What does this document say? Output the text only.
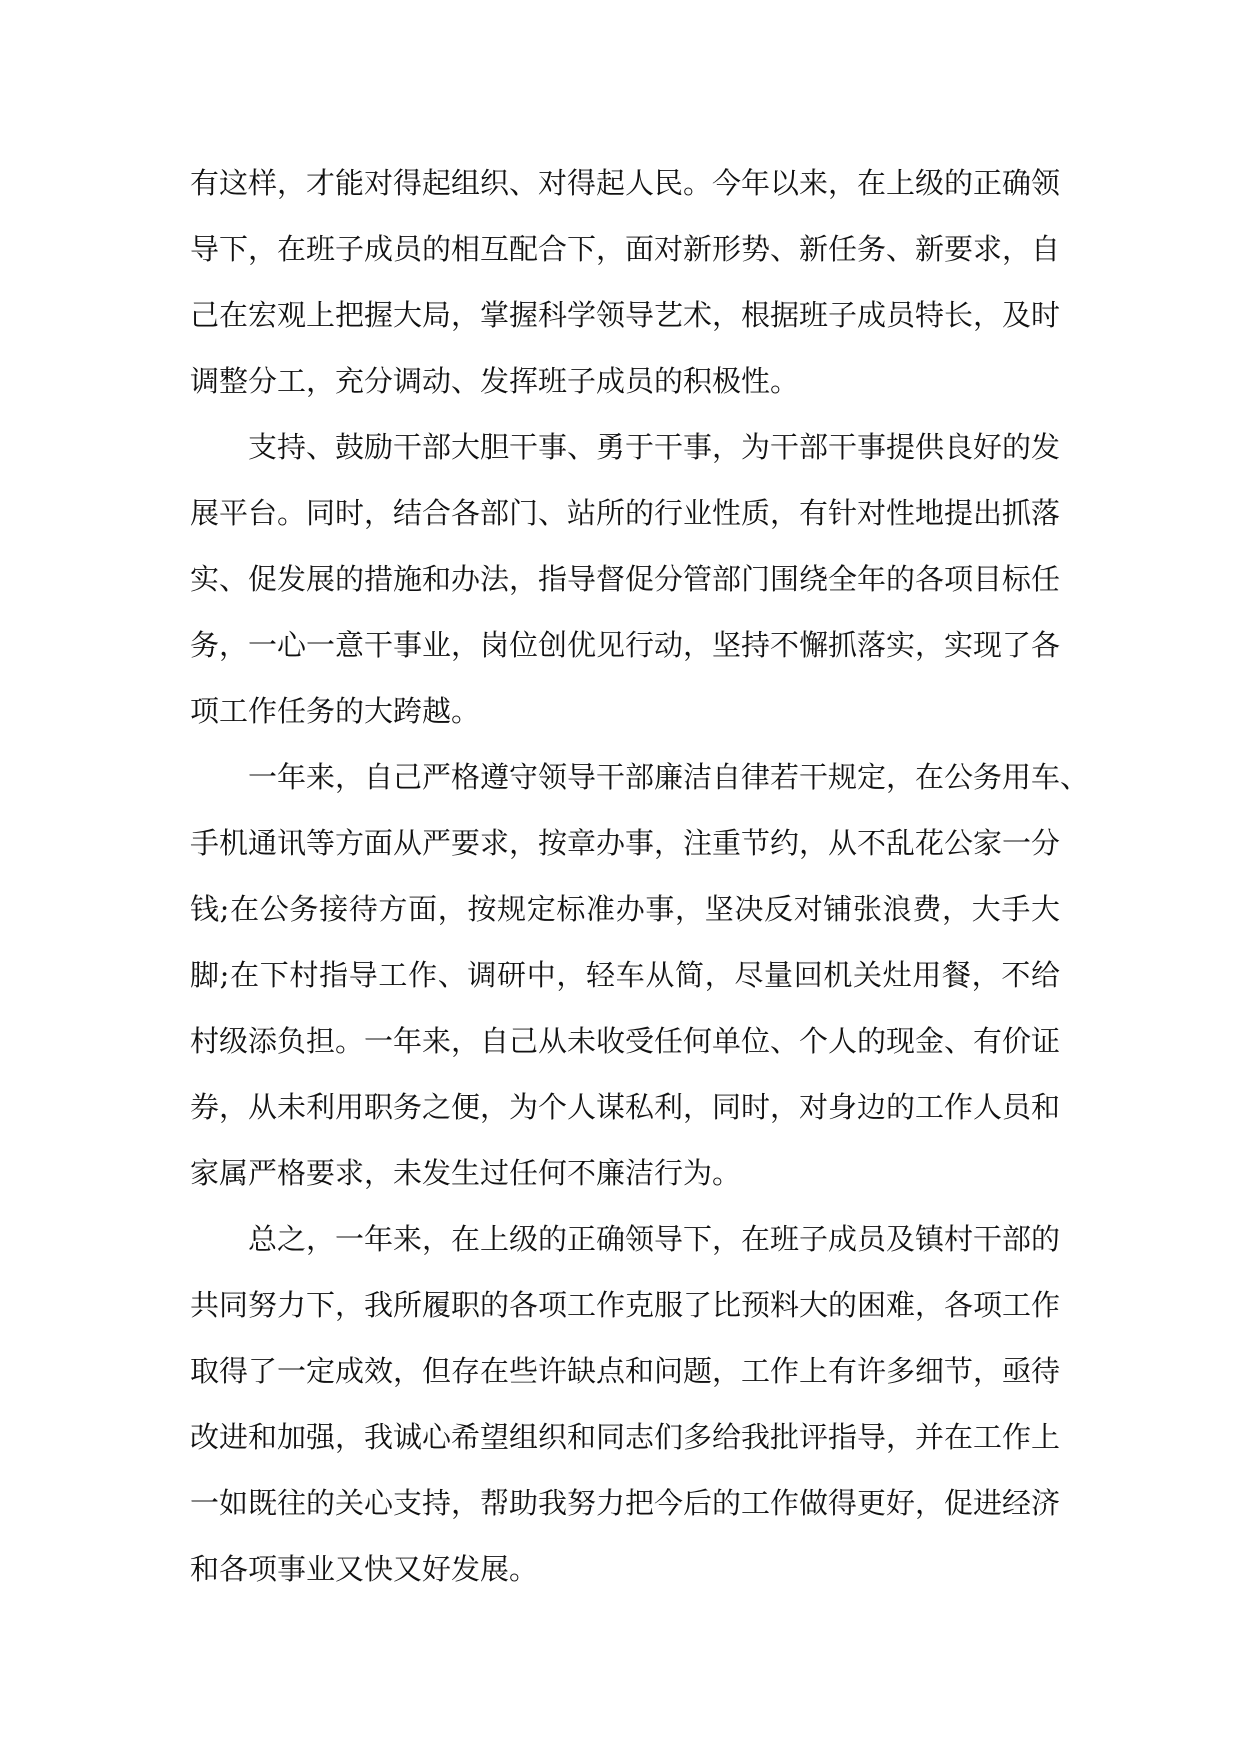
有这样，才能对得起组织、对得起人民。今年以来，在上级的正确领
导下，在班子成员的相互配合下，面对新形势、新任务、新要求，自
己在宏观上把握大局，掌握科学领导艺术，根据班子成员特长，及时
调整分工，充分调动、发挥班子成员的积极性。
支持、鼓励干部大胆干事、勇于干事，为干部干事提供良好的发
展平台。同时，结合各部门、站所的行业性质，有针对性地提出抓落
实、促发展的措施和办法，指导督促分管部门围绕全年的各项目标任
务，一心一意干事业，岗位创优见行动，坚持不懈抓落实，实现了各
项工作任务的大跨越。
一年来，自己严格遵守领导干部廉洁自律若干规定，在公务用车、
手机通讯等方面从严要求，按章办事，注重节约，从不乱花公家一分
钱;在公务接待方面，按规定标准办事，坚决反对铺张浪费，大手大
脚;在下村指导工作、调研中，轻车从简，尽量回机关灶用餐，不给
村级添负担。一年来，自己从未收受任何单位、个人的现金、有价证
券，从未利用职务之便，为个人谋私利，同时，对身边的工作人员和
家属严格要求，未发生过任何不廉洁行为。
总之，一年来，在上级的正确领导下，在班子成员及镇村干部的
共同努力下，我所履职的各项工作克服了比预料大的困难，各项工作
取得了一定成效，但存在些许缺点和问题，工作上有许多细节，亟待
改进和加强，我诚心希望组织和同志们多给我批评指导，并在工作上
一如既往的关心支持，帮助我努力把今后的工作做得更好，促进经济
和各项事业又快又好发展。
